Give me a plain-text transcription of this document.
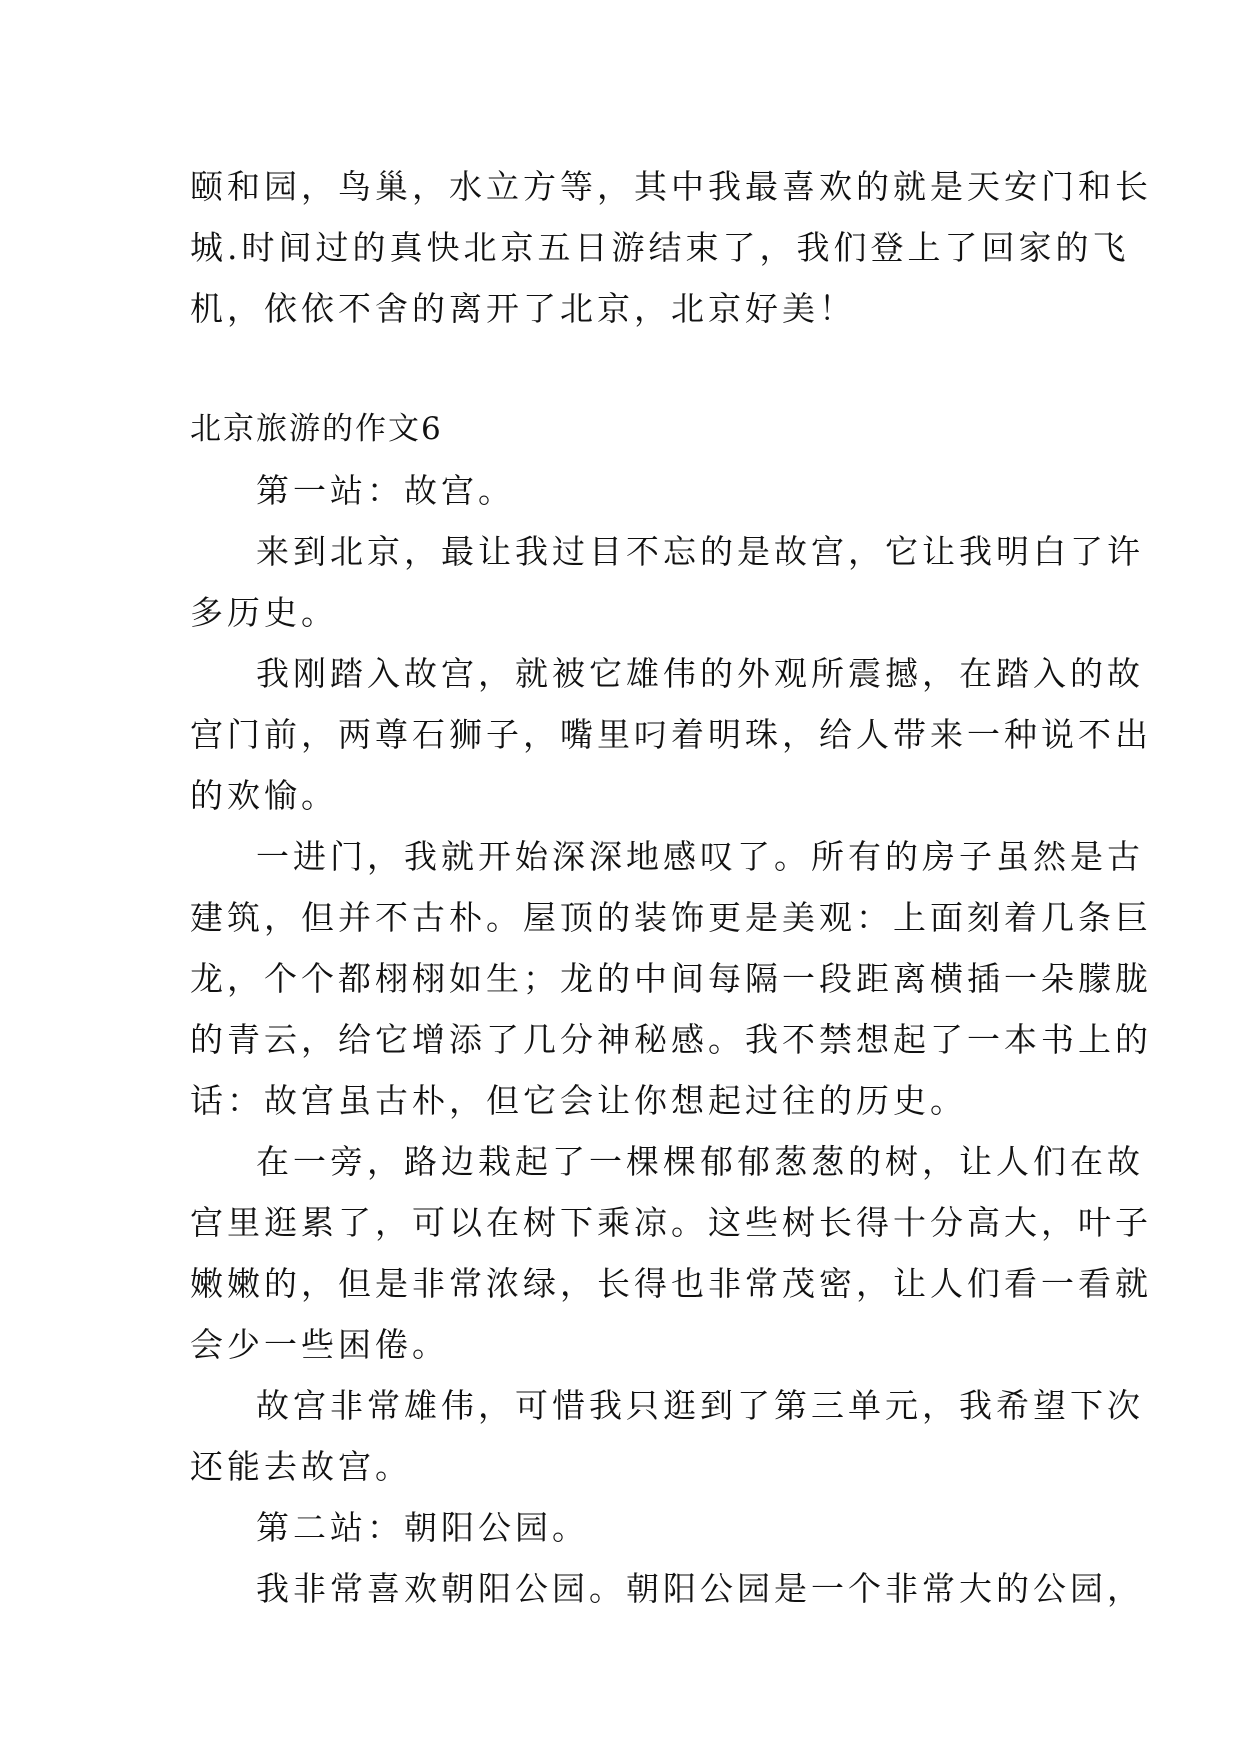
颐和园，鸟巢，水立方等，其中我最喜欢的就是天安门和长
城.时间过的真快北京五日游结束了，我们登上了回家的飞
机，依依不舍的离开了北京，北京好美！
北京旅游的作文6
第一站：故宫。
来到北京，最让我过目不忘的是故宫，它让我明白了许
多历史。
我刚踏入故宫，就被它雄伟的外观所震撼，在踏入的故
宫门前，两尊石狮子，嘴里叼着明珠，给人带来一种说不出
的欢愉。
一进门，我就开始深深地感叹了。所有的房子虽然是古
建筑，但并不古朴。屋顶的装饰更是美观：上面刻着几条巨
龙，个个都栩栩如生；龙的中间每隔一段距离横插一朵朦胧
的青云，给它增添了几分神秘感。我不禁想起了一本书上的
话：故宫虽古朴，但它会让你想起过往的历史。
在一旁，路边栽起了一棵棵郁郁葱葱的树，让人们在故
宫里逛累了，可以在树下乘凉。这些树长得十分高大，叶子
嫩嫩的，但是非常浓绿，长得也非常茂密，让人们看一看就
会少一些困倦。
故宫非常雄伟，可惜我只逛到了第三单元，我希望下次
还能去故宫。
第二站：朝阳公园。
我非常喜欢朝阳公园。朝阳公园是一个非常大的公园，
